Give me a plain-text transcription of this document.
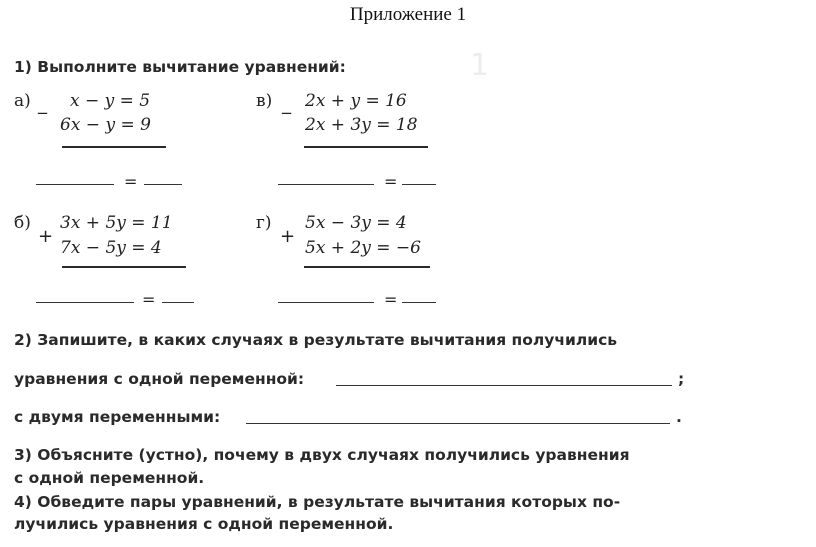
Приложение 1
1
1) Выполните вычитание уравнений:
а) _ x − y = 5
6x − y = 9
=
в) _ 2x + y = 16
2x + 3y = 18
=
б)
+
3x + 5y = 11
7x − 5y = 4
=
г)
+
5x − 3y = 4
5x + 2y = −6
=
2) Запишите, в каких случаях в результате вычитания получились
уравнения с одной переменной:	;
с двумя переменными:	.
3) Объясните (устно), почему в двух случаях получились уравнения
с одной переменной.
4) Обведите пары уравнений, в результате вычитания которых по-
лучились уравнения с одной переменной.
